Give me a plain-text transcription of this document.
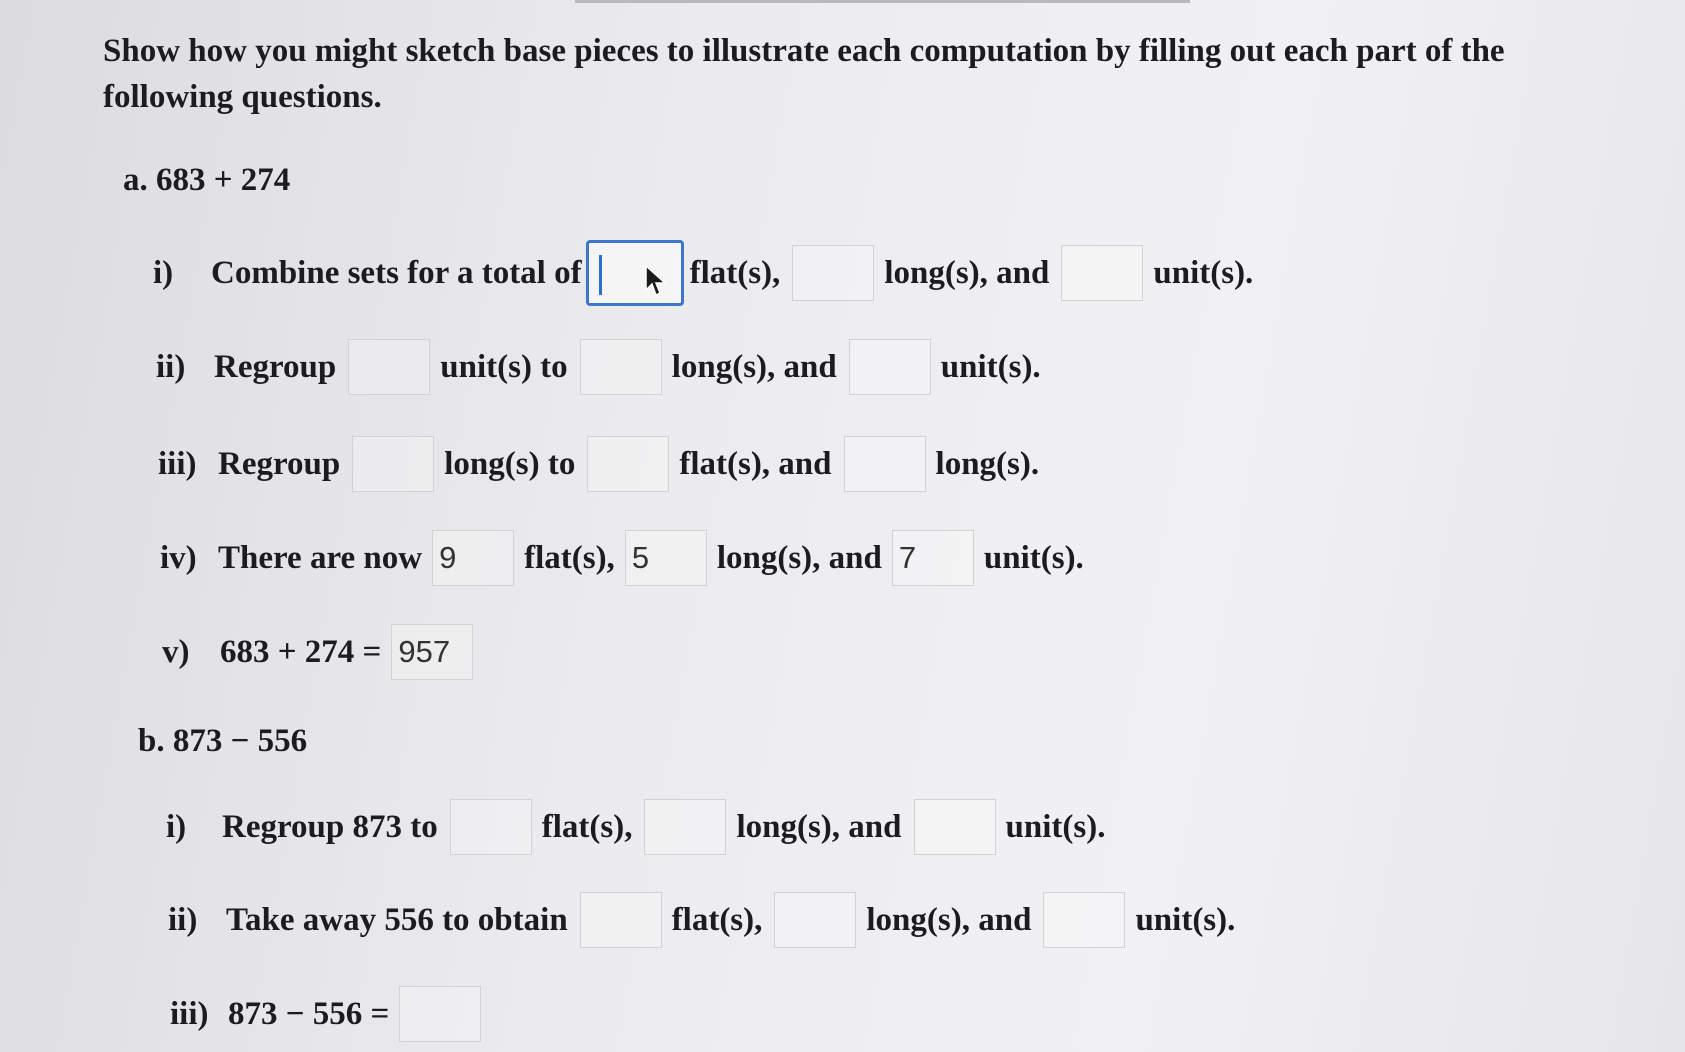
Show how you might sketch base pieces to illustrate each computation by filling out each part of the following questions.
a. 683 + 274
i)	Combine sets for a total of	flat(s),	long(s), and	unit(s).
ii) Regroup	unit(s) to	long(s), and	unit(s).
iii) Regroup	long(s) to	flat(s), and	long(s).
iv) There are now 9	flat(s), 5	long(s), and 7	unit(s).
v) 683 + 274 = 957
b. 873 − 556
i)	Regroup 873 to	flat(s),	long(s), and	unit(s).
ii) Take away 556 to obtain	flat(s),	long(s), and	unit(s).
iii) 873 − 556 =
